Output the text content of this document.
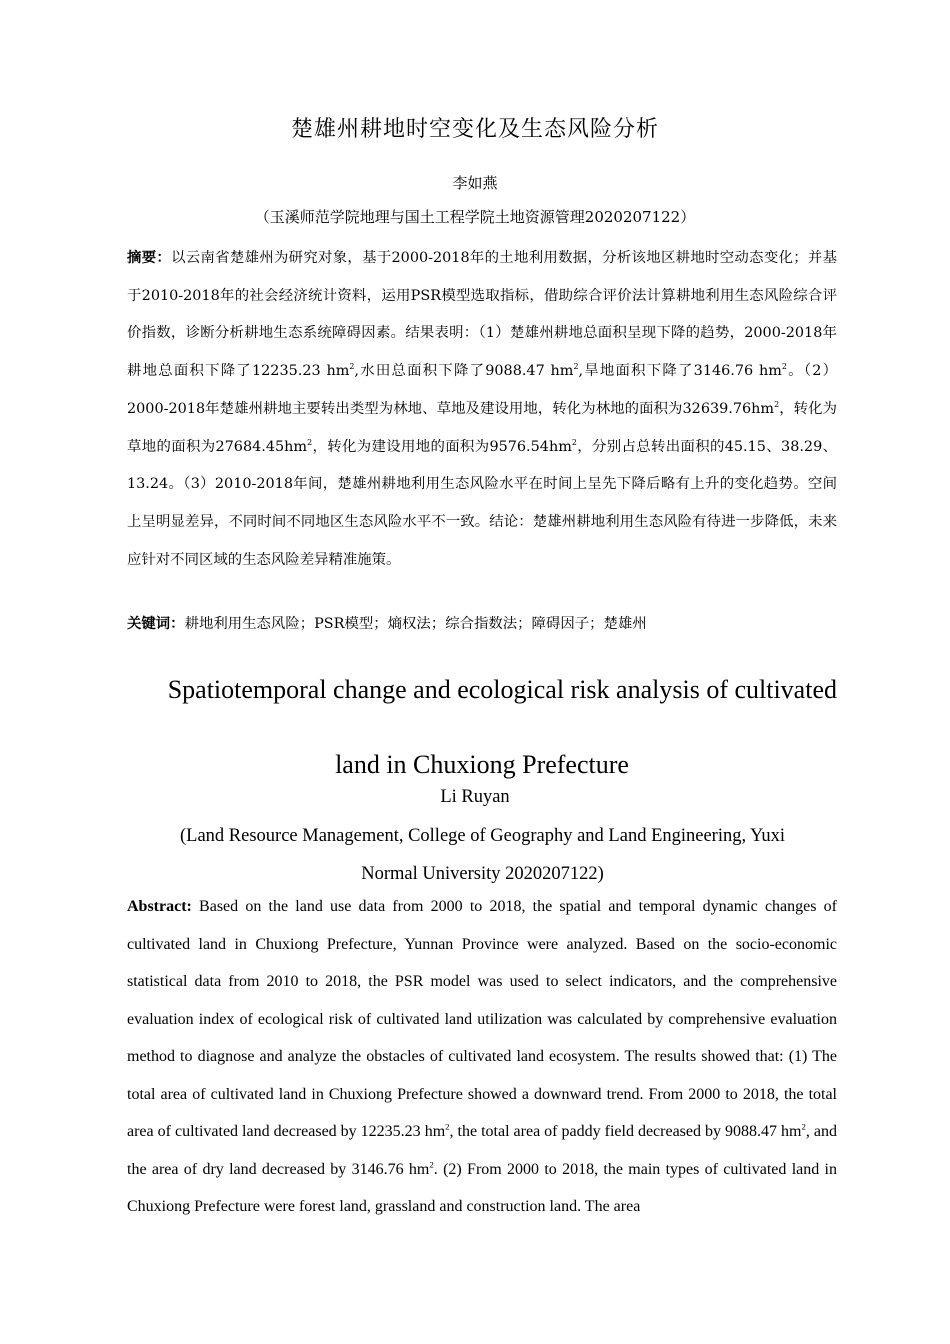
楚雄州耕地时空变化及生态风险分析
李如燕
（玉溪师范学院地理与国土工程学院土地资源管理2020207122）

摘要：以云南省楚雄州为研究对象，基于2000-2018年的土地利用数据，分析该地区耕地时空动态变化；并基于2010-2018年的社会经济统计资料，运用PSR模型选取指标，借助综合评价法计算耕地利用生态风险综合评价指数，诊断分析耕地生态系统障碍因素。结果表明：（1）楚雄州耕地总面积呈现下降的趋势，2000-2018年耕地总面积下降了12235.23 $hm^2$,水田总面积下降了9088.47 $hm^2$,旱地面积下降了3146.76 $hm^2$。（2）2000-2018年楚雄州耕地主要转出类型为林地、草地及建设用地，转化为林地的面积为$32639.76hm^2$，转化为草地的面积为$27684.45hm^2$，转化为建设用地的面积为$9576.54hm^2$，分别占总转出面积的45.15、38.29、13.24。（3）2010-2018年间，楚雄州耕地利用生态风险水平在时间上呈先下降后略有上升的变化趋势。空间上呈明显差异，不同时间不同地区生态风险水平不一致。结论：楚雄州耕地利用生态风险有待进一步降低，未来应针对不同区域的生态风险差异精准施策。

关键词：耕地利用生态风险；PSR模型；熵权法；综合指数法；障碍因子；楚雄州

Spatiotemporal change and ecological risk analysis of cultivated
land in Chuxiong Prefecture
Li Ruyan

(Land Resource Management, College of Geography and Land Engineering, Yuxi Normal University 2020207122)

Abstract: Based on the land use data from 2000 to 2018, the spatial and temporal dynamic changes of cultivated land in Chuxiong Prefecture, Yunnan Province were analyzed. Based on the socio-economic statistical data from 2010 to 2018, the PSR model was used to select indicators, and the comprehensive evaluation index of ecological risk of cultivated land utilization was calculated by comprehensive evaluation method to diagnose and analyze the obstacles of cultivated land ecosystem. The results showed that: (1) The total area of cultivated land in Chuxiong Prefecture showed a downward trend. From 2000 to 2018, the total area of cultivated land decreased by 12235.23 $hm^2$, the total area of paddy field decreased by 9088.47 $hm^2$, and the area of dry land decreased by 3146.76 $hm^2$. (2) From 2000 to 2018, the main types of cultivated land in Chuxiong Prefecture were forest land, grassland and construction land. The area
